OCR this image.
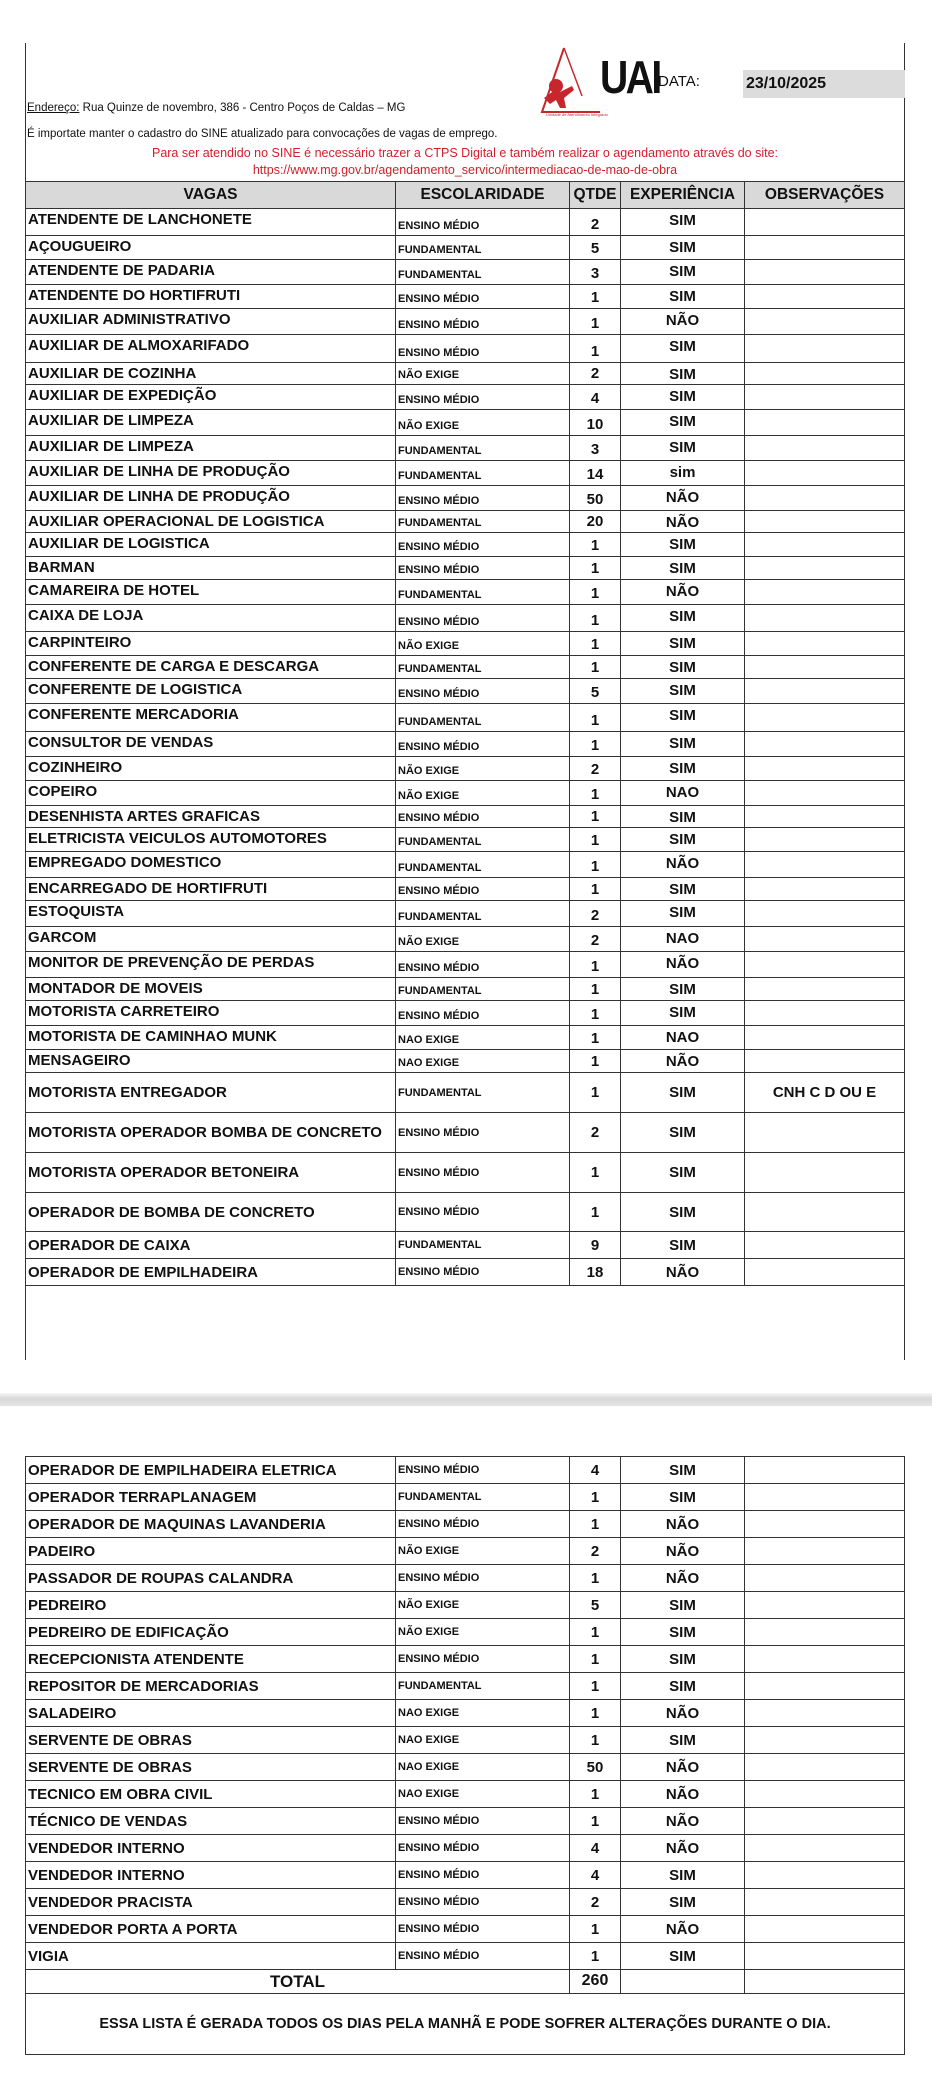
Unidade de Atendimento Integrado
UAI
DATA:	23/10/2025
Endereço: Rua Quinze de novembro, 386 - Centro Poços de Caldas – MG
É importate manter o cadastro do SINE atualizado para convocações de vagas de emprego.
Para ser atendido no SINE é necessário trazer a CTPS Digital e também realizar o agendamento através do site:
https://www.mg.gov.br/agendamento_servico/intermediacao-de-mao-de-obra
VAGAS	ESCOLARIDADE	QTDE	EXPERIÊNCIA	OBSERVAÇÕES
ATENDENTE DE LANCHONETE	ENSINO MÉDIO	2	SIM	
AÇOUGUEIRO	FUNDAMENTAL	5	SIM	
ATENDENTE DE PADARIA	FUNDAMENTAL	3	SIM	
ATENDENTE DO HORTIFRUTI	ENSINO MÉDIO	1	SIM	
AUXILIAR ADMINISTRATIVO	ENSINO MÉDIO	1	NÃO	
AUXILIAR DE ALMOXARIFADO	ENSINO MÉDIO	1	SIM	
AUXILIAR DE COZINHA	NÃO EXIGE	2	SIM	
AUXILIAR DE EXPEDIÇÃO	ENSINO MÉDIO	4	SIM	
AUXILIAR DE LIMPEZA	NÃO EXIGE	10	SIM	
AUXILIAR DE LIMPEZA	FUNDAMENTAL	3	SIM	
AUXILIAR DE LINHA DE PRODUÇÃO	FUNDAMENTAL	14	sim	
AUXILIAR DE LINHA DE PRODUÇÃO	ENSINO MÉDIO	50	NÃO	
AUXILIAR OPERACIONAL DE LOGISTICA	FUNDAMENTAL	20	NÃO	
AUXILIAR DE LOGISTICA	ENSINO MÉDIO	1	SIM	
BARMAN	ENSINO MÉDIO	1	SIM	
CAMAREIRA DE HOTEL	FUNDAMENTAL	1	NÃO	
CAIXA DE LOJA	ENSINO MÉDIO	1	SIM	
CARPINTEIRO	NÃO EXIGE	1	SIM	
CONFERENTE DE CARGA E DESCARGA	FUNDAMENTAL	1	SIM	
CONFERENTE DE LOGISTICA	ENSINO MÉDIO	5	SIM	
CONFERENTE MERCADORIA	FUNDAMENTAL	1	SIM	
CONSULTOR DE VENDAS	ENSINO MÉDIO	1	SIM	
COZINHEIRO	NÃO EXIGE	2	SIM	
COPEIRO	NÃO EXIGE	1	NAO	
DESENHISTA ARTES GRAFICAS	ENSINO MÉDIO	1	SIM	
ELETRICISTA VEICULOS AUTOMOTORES	FUNDAMENTAL	1	SIM	
EMPREGADO DOMESTICO	FUNDAMENTAL	1	NÃO	
ENCARREGADO DE HORTIFRUTI	ENSINO MÉDIO	1	SIM	
ESTOQUISTA	FUNDAMENTAL	2	SIM	
GARCOM	NÃO EXIGE	2	NAO	
MONITOR DE PREVENÇÃO DE PERDAS	ENSINO MÉDIO	1	NÃO	
MONTADOR DE MOVEIS	FUNDAMENTAL	1	SIM	
MOTORISTA CARRETEIRO	ENSINO MÉDIO	1	SIM	
MOTORISTA DE CAMINHAO MUNK	NAO EXIGE	1	NAO	
MENSAGEIRO	NAO EXIGE	1	NÃO	
MOTORISTA ENTREGADOR	FUNDAMENTAL	1	SIM	CNH C D OU E
MOTORISTA OPERADOR BOMBA DE CONCRETO	ENSINO MÉDIO	2	SIM	
MOTORISTA OPERADOR BETONEIRA	ENSINO MÉDIO	1	SIM	
OPERADOR DE BOMBA DE CONCRETO	ENSINO MÉDIO	1	SIM	
OPERADOR DE CAIXA	FUNDAMENTAL	9	SIM	
OPERADOR DE EMPILHADEIRA	ENSINO MÉDIO	18	NÃO	
OPERADOR DE EMPILHADEIRA ELETRICA	ENSINO MÉDIO	4	SIM	
OPERADOR TERRAPLANAGEM	FUNDAMENTAL	1	SIM	
OPERADOR DE MAQUINAS LAVANDERIA	ENSINO MÉDIO	1	NÃO	
PADEIRO	NÃO EXIGE	2	NÃO	
PASSADOR DE ROUPAS CALANDRA	ENSINO MÉDIO	1	NÃO	
PEDREIRO	NÃO EXIGE	5	SIM	
PEDREIRO DE EDIFICAÇÃO	NÃO EXIGE	1	SIM	
RECEPCIONISTA ATENDENTE	ENSINO MÉDIO	1	SIM	
REPOSITOR DE MERCADORIAS	FUNDAMENTAL	1	SIM	
SALADEIRO	NAO EXIGE	1	NÃO	
SERVENTE DE OBRAS	NAO EXIGE	1	SIM	
SERVENTE DE OBRAS	NAO EXIGE	50	NÃO	
TECNICO EM OBRA CIVIL	NAO EXIGE	1	NÃO	
TÉCNICO DE VENDAS	ENSINO MÉDIO	1	NÃO	
VENDEDOR INTERNO	ENSINO MÉDIO	4	NÃO	
VENDEDOR INTERNO	ENSINO MÉDIO	4	SIM	
VENDEDOR PRACISTA	ENSINO MÉDIO	2	SIM	
VENDEDOR PORTA A PORTA	ENSINO MÉDIO	1	NÃO	
VIGIA	ENSINO MÉDIO	1	SIM	
TOTAL		260		
ESSA LISTA É GERADA TODOS OS DIAS PELA MANHÃ E PODE SOFRER ALTERAÇÕES DURANTE O DIA.				
